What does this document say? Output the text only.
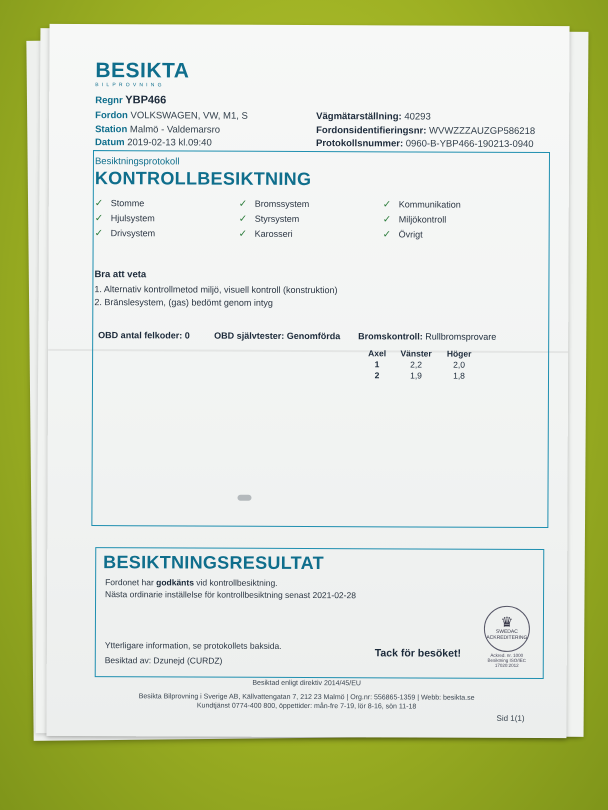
BESIKTA
BILPROVNING
Regnr YBP466
Fordon VOLKSWAGEN, VW, M1, S
Station Malmö - Valdemarsro
Datum 2019-02-13 kl.09:40
Vägmätarställning: 40293
Fordonsidentifieringsnr: WVWZZZAUZGP586218
Protokollsnummer: 0960-B-YBP466-190213-0940
Besiktningsprotokoll
KONTROLLBESIKTNING
✓ Stomme
✓ Hjulsystem
✓ Drivsystem
✓ Bromssystem
✓ Styrsystem
✓ Karosseri
✓ Kommunikation
✓ Miljökontroll
✓ Övrigt
Bra att veta
1. Alternativ kontrollmetod miljö, visuell kontroll (konstruktion)
2. Bränslesystem, (gas) bedömt genom intyg
OBD antal felkoder: 0	OBD självtester: Genomförda Bromskontroll: Rullbromsprovare
Axel	Vänster	Höger
1	2,2	2,0
2	1,9	1,8
BESIKTNINGSRESULTAT
Fordonet har godkänts vid kontrollbesiktning.
Nästa ordinarie inställelse för kontrollbesiktning senast 2021-02-28
Ytterligare information, se protokollets baksida.
Besiktad av: Dzunejd (CURDZ)
Tack för besöket!
♛
SWEDAC ACKREDITERING
Ackred. nr. 1000 Besiktning ISO/IEC 17020:2012
Besiktad enligt direktiv 2014/45/EU
Besikta Bilprovning i Sverige AB, Källvattengatan 7, 212 23 Malmö | Org.nr: 556865-1359 | Webb: besikta.se
Kundtjänst 0774-400 800, öppettider: mån-fre 7-19, lör 8-16, sön 11-18
Sid 1(1)
